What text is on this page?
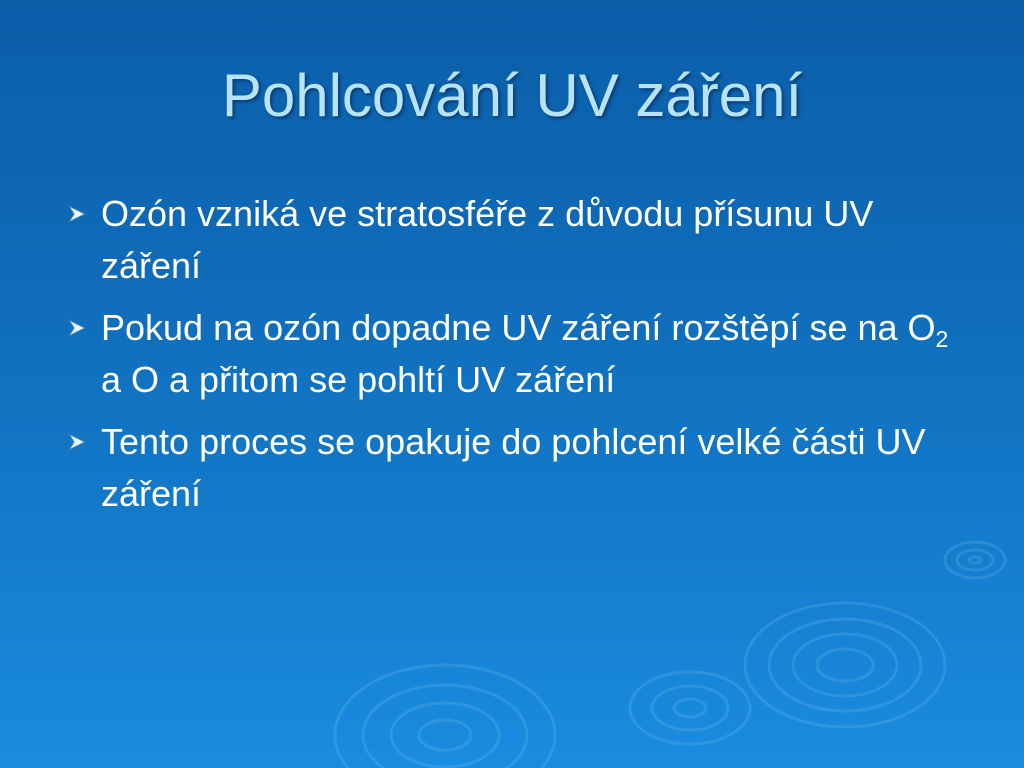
Pohlcování UV záření
Ozón vzniká ve stratosféře z důvodu přísunu UV záření
Pokud na ozón dopadne UV záření rozštěpí se na $O_2$ a O a přitom se pohltí UV záření
Tento proces se opakuje do pohlcení velké části UV záření
